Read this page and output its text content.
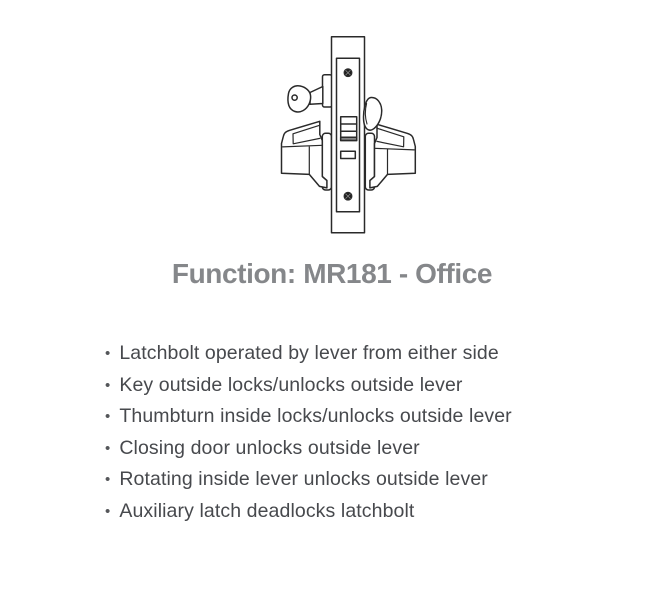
Function: MR181 - Office
• Latchbolt operated by lever from either side
• Key outside locks/unlocks outside lever
• Thumbturn inside locks/unlocks outside lever
• Closing door unlocks outside lever
• Rotating inside lever unlocks outside lever
• Auxiliary latch deadlocks latchbolt
